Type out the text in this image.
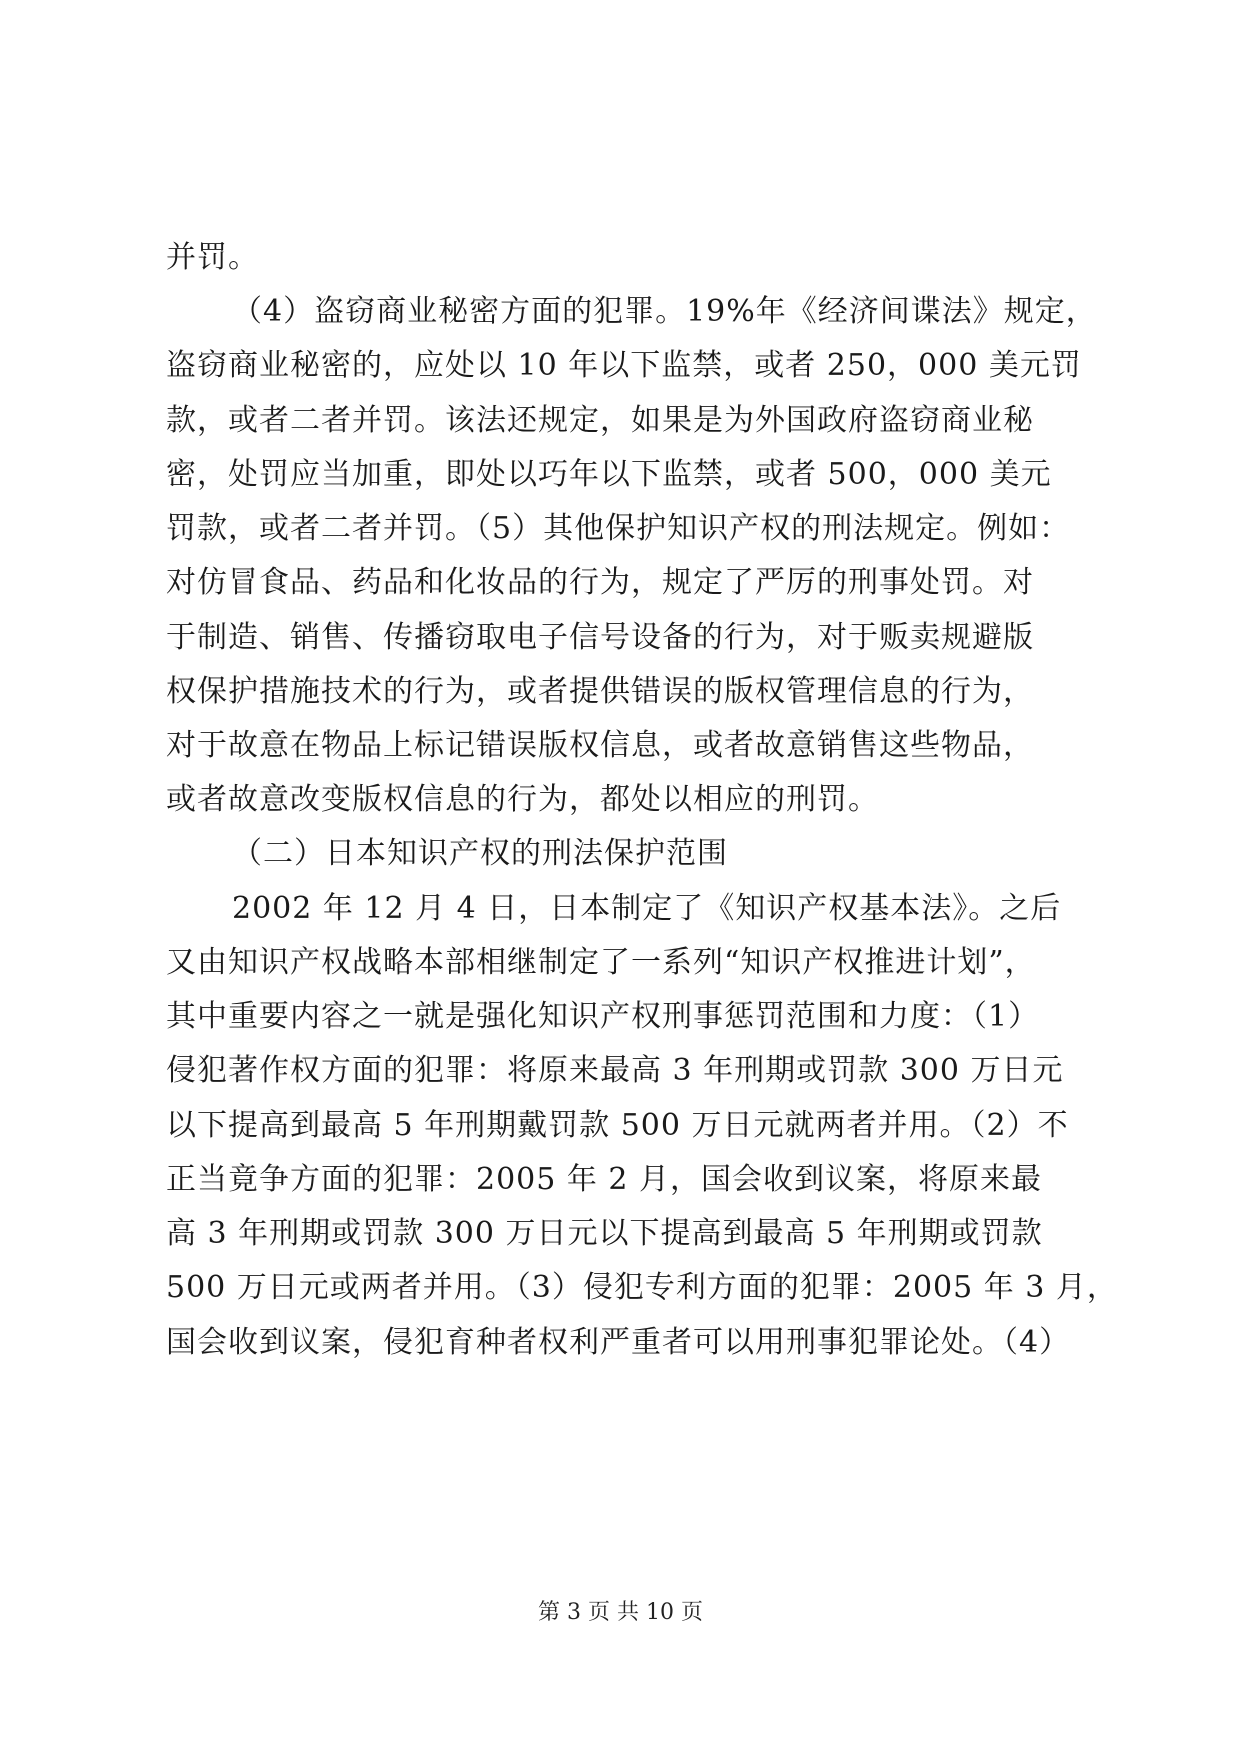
并罚。
（4）盗窃商业秘密方面的犯罪。19%年《经济间谍法》规定，
盗窃商业秘密的，应处以 10 年以下监禁，或者 250，000 美元罚
款，或者二者并罚。该法还规定，如果是为外国政府盗窃商业秘
密，处罚应当加重，即处以巧年以下监禁，或者 500，000 美元
罚款，或者二者并罚。（5）其他保护知识产权的刑法规定。例如：
对仿冒食品、药品和化妆品的行为，规定了严厉的刑事处罚。对
于制造、销售、传播窃取电子信号设备的行为，对于贩卖规避版
权保护措施技术的行为，或者提供错误的版权管理信息的行为，
对于故意在物品上标记错误版权信息，或者故意销售这些物品，
或者故意改变版权信息的行为，都处以相应的刑罚。
（二）日本知识产权的刑法保护范围
2002 年 12 月 4 日，日本制定了《知识产权基本法》。之后
又由知识产权战略本部相继制定了一系列“知识产权推进计划”，
其中重要内容之一就是强化知识产权刑事惩罚范围和力度：（1）
侵犯著作权方面的犯罪：将原来最高 3 年刑期或罚款 300 万日元
以下提高到最高 5 年刑期戴罚款 500 万日元就两者并用。（2）不
正当竟争方面的犯罪：2005 年 2 月，国会收到议案，将原来最
高 3 年刑期或罚款 300 万日元以下提高到最高 5 年刑期或罚款
500 万日元或两者并用。（3）侵犯专利方面的犯罪：2005 年 3 月，
国会收到议案，侵犯育种者权利严重者可以用刑事犯罪论处。（4）
第 3 页 共 10 页
